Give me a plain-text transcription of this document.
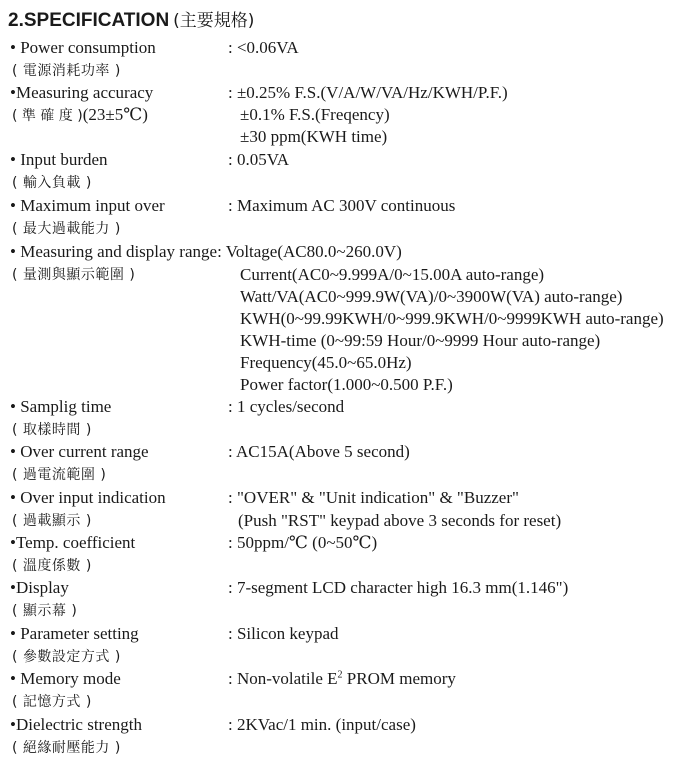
2.SPECIFICATION (主要規格)
• Power consumption	: <0.06VA
( 電源消耗功率 )
•Measuring accuracy	: ±0.25% F.S.(V/A/W/VA/Hz/KWH/P.F.)
( 準 確 度 )(23±5℃)	±0.1% F.S.(Freqency)
±30 ppm(KWH time)
• Input burden	: 0.05VA
( 輸入負載 )
• Maximum input over	: Maximum AC 300V continuous
( 最大過載能力 )
• Measuring and display range: Voltage(AC80.0~260.0V)
( 量測與顯示範圍 )	Current(AC0~9.999A/0~15.00A auto-range)
Watt/VA(AC0~999.9W(VA)/0~3900W(VA) auto-range)
KWH(0~99.99KWH/0~999.9KWH/0~9999KWH auto-range)
KWH-time (0~99:59 Hour/0~9999 Hour auto-range)
Frequency(45.0~65.0Hz)
Power factor(1.000~0.500 P.F.)
• Samplig time	: 1 cycles/second
( 取樣時間 )
• Over current range	: AC15A(Above 5 second)
( 過電流範圍 )
• Over input indication	: "OVER" & "Unit indication" & "Buzzer"
( 過載顯示 )	(Push "RST" keypad above 3 seconds for reset)
•Temp. coefficient	: 50ppm/℃ (0~50℃)
( 溫度係數 )
•Display	: 7-segment LCD character high 16.3 mm(1.146")
( 顯示幕 )
• Parameter setting	: Silicon keypad
( 參數設定方式 )
• Memory mode	: Non-volatile $E^2$ PROM memory
( 記憶方式 )
•Dielectric strength	: 2KVac/1 min. (input/case)
( 絕緣耐壓能力 )
